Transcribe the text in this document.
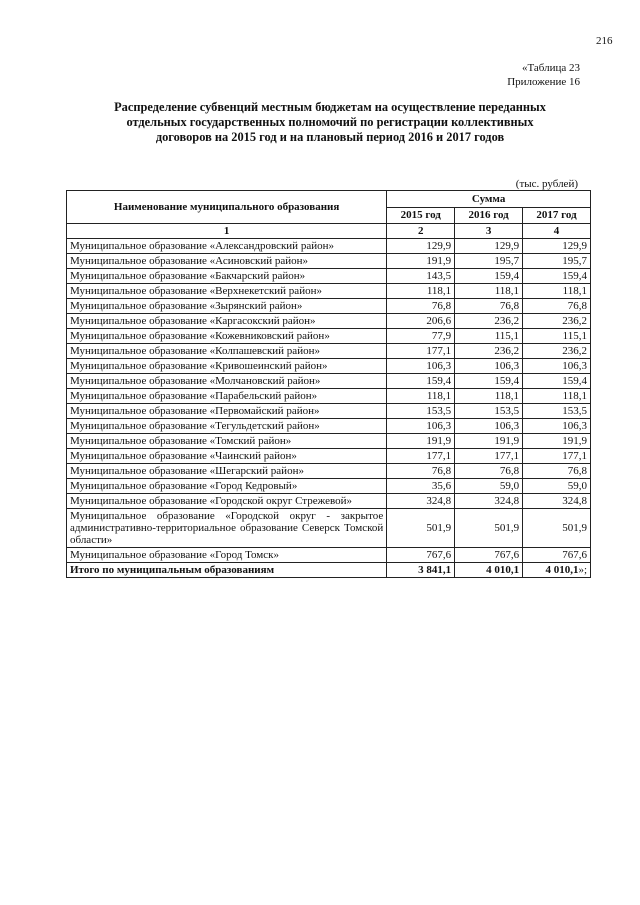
216
«Таблица 23
Приложение 16
Распределение субвенций местным бюджетам на осуществление переданных
отдельных государственных полномочий по регистрации коллективных
договоров на 2015 год и на плановый период 2016 и 2017 годов
(тыс. рублей)
Наименование муниципального образования	Сумма		
	2015 год	2016 год	2017 год
1	2	3	4
Муниципальное образование «Александровский район»	129,9	129,9	129,9
Муниципальное образование «Асиновский район»	191,9	195,7	195,7
Муниципальное образование «Бакчарский район»	143,5	159,4	159,4
Муниципальное образование «Верхнекетский район»	118,1	118,1	118,1
Муниципальное образование «Зырянский район»	76,8	76,8	76,8
Муниципальное образование «Каргасокский район»	206,6	236,2	236,2
Муниципальное образование «Кожевниковский район»	77,9	115,1	115,1
Муниципальное образование «Колпашевский район»	177,1	236,2	236,2
Муниципальное образование «Кривошеинский район»	106,3	106,3	106,3
Муниципальное образование «Молчановский район»	159,4	159,4	159,4
Муниципальное образование «Парабельский район»	118,1	118,1	118,1
Муниципальное образование «Первомайский район»	153,5	153,5	153,5
Муниципальное образование «Тегульдетский район»	106,3	106,3	106,3
Муниципальное образование «Томский район»	191,9	191,9	191,9
Муниципальное образование «Чаинский район»	177,1	177,1	177,1
Муниципальное образование «Шегарский район»	76,8	76,8	76,8
Муниципальное образование «Город Кедровый»	35,6	59,0	59,0
Муниципальное образование «Городской округ Стрежевой»	324,8	324,8	324,8
Муниципальное образование «Городской округ - закрытое административно-территориальное образование Северск Томской области»	501,9	501,9	501,9
Муниципальное образование «Город Томск»	767,6	767,6	767,6
Итого по муниципальным образованиям	3 841,1	4 010,1	4 010,1»;
